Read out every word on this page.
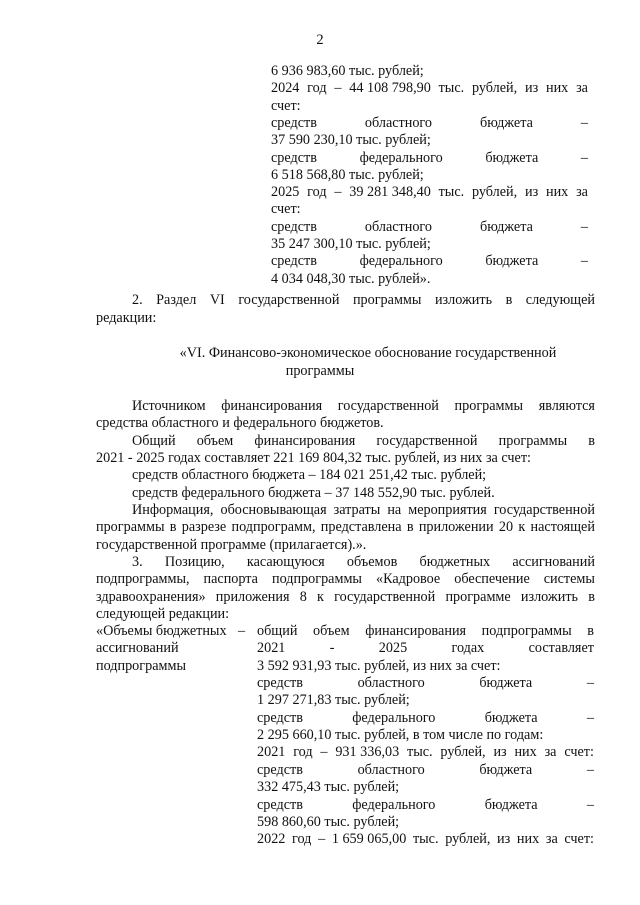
2
6 936 983,60 тыс. рублей;
2024 год – 44 108 798,90 тыс. рублей, из них за
счет:
средств	областного	бюджета	–
37 590 230,10 тыс. рублей;
средств	федерального	бюджета	–
6 518 568,80 тыс. рублей;
2025 год – 39 281 348,40 тыс. рублей, из них за
счет:
средств	областного	бюджета	–
35 247 300,10 тыс. рублей;
средств	федерального	бюджета	–
4 034 048,30 тыс. рублей».
2. Раздел VI государственной программы изложить в следующей
редакции:
«VI. Финансово-экономическое обоснование государственной
программы
Источником финансирования государственной программы являются
средства областного и федерального бюджетов.
Общий объем финансирования государственной программы в
2021 - 2025 годах составляет 221 169 804,32 тыс. рублей, из них за счет:
средств областного бюджета – 184 021 251,42 тыс. рублей;
средств федерального бюджета – 37 148 552,90 тыс. рублей.
Информация, обосновывающая затраты на мероприятия государственной
программы в разрезе подпрограмм, представлена в приложении 20 к настоящей
государственной программе (прилагается).».
3. Позицию, касающуюся объемов бюджетных ассигнований
подпрограммы, паспорта подпрограммы «Кадровое обеспечение системы
здравоохранения» приложения 8 к государственной программе изложить в
следующей редакции:
«Объемы бюджетных –
ассигнований
подпрограммы
общий объем финансирования подпрограммы в
2021	-	2025	годах	составляет
3 592 931,93 тыс. рублей, из них за счет:
средств	областного	бюджета	–
1 297 271,83 тыс. рублей;
средств	федерального	бюджета	–
2 295 660,10 тыс. рублей, в том числе по годам:
2021 год – 931 336,03 тыс. рублей, из них за счет:
средств	областного	бюджета	–
332 475,43 тыс. рублей;
средств	федерального	бюджета	–
598 860,60 тыс. рублей;
2022 год – 1 659 065,00 тыс. рублей, из них за счет:
